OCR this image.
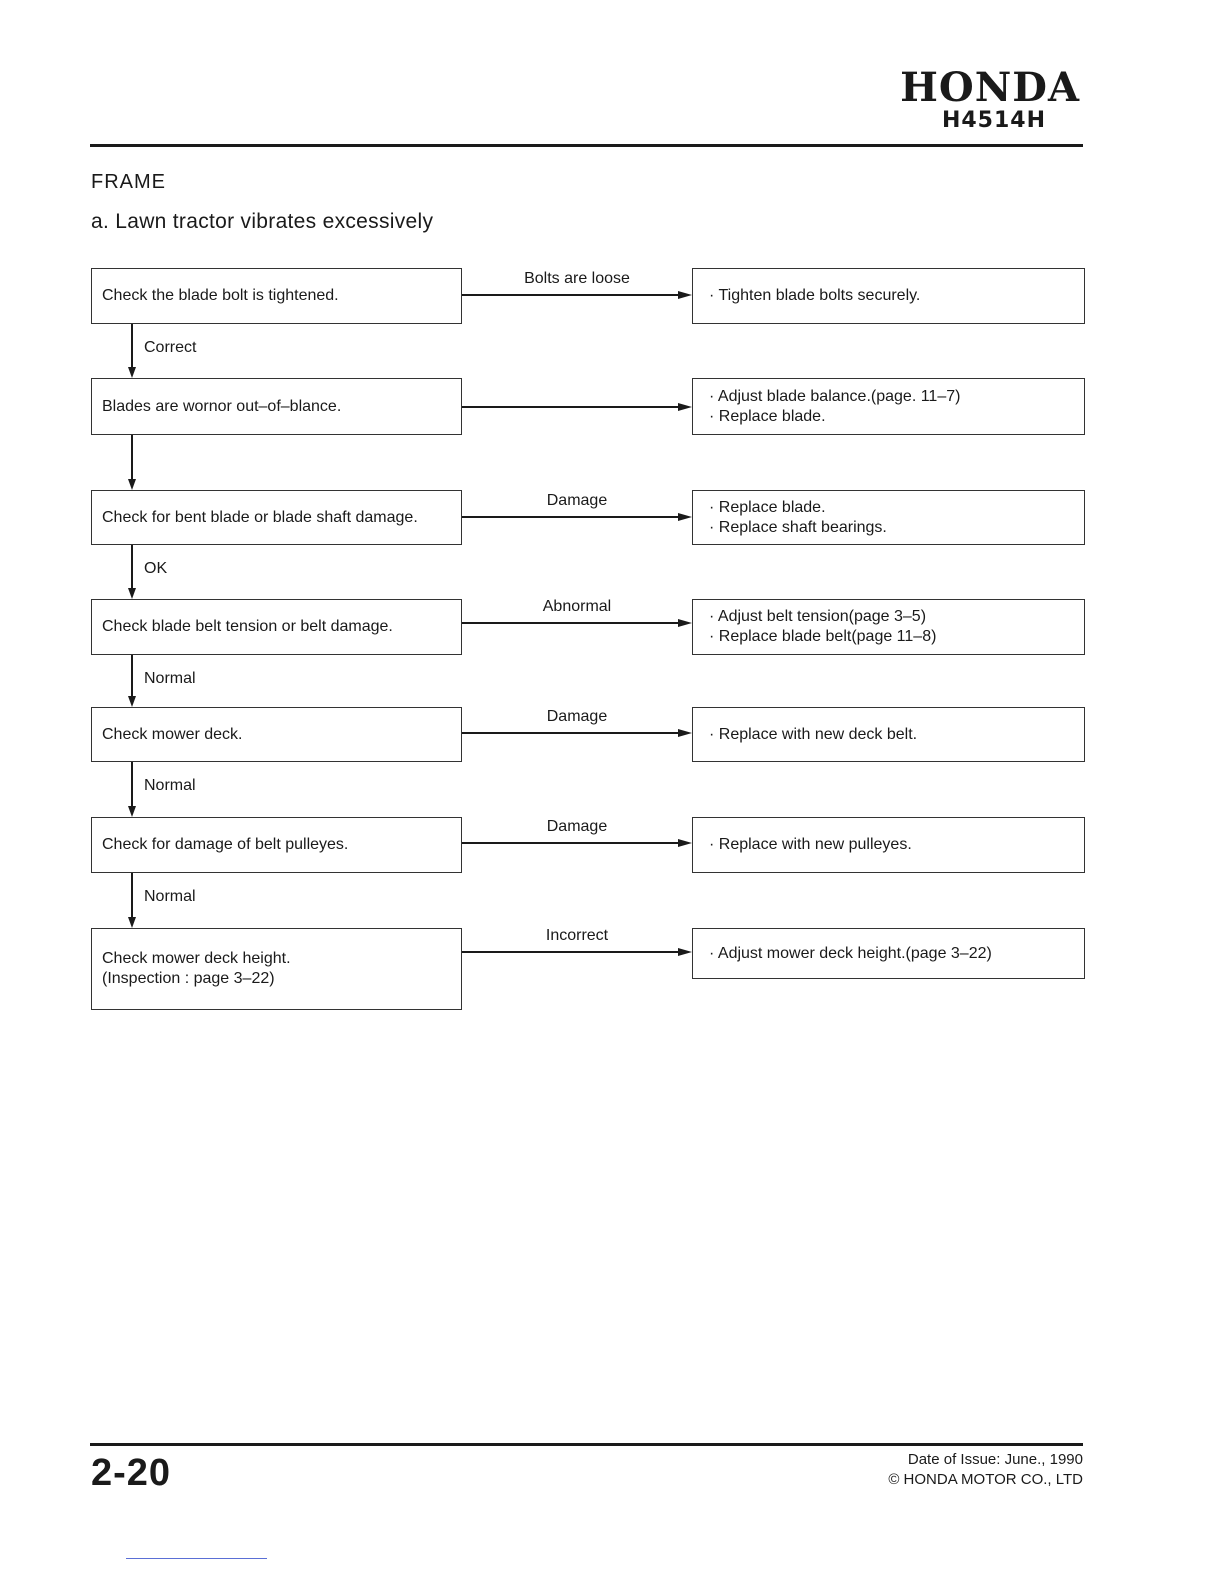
HONDA
H4514H
FRAME
a. Lawn tractor vibrates excessively
Check the blade bolt is tightened.	· Tighten blade bolts securely.
Bolts are loose
Correct
Blades are wornor out–of–blance.
· Adjust blade balance.(page. 11–7)
· Replace blade.
Check for bent blade or blade shaft damage.
· Replace blade.
· Replace shaft bearings.
Damage
OK
Check blade belt tension or belt damage.
· Adjust belt tension(page 3–5)
· Replace blade belt(page 11–8)
Abnormal
Normal
Check mower deck.	· Replace with new deck belt.
Damage
Normal
Check for damage of belt pulleyes.	· Replace with new pulleyes.
Damage
Normal
Check mower deck height.
(Inspection : page 3–22)
· Adjust mower deck height.(page 3–22)
Incorrect
2-20	Date of Issue: June., 1990
© HONDA MOTOR CO., LTD
